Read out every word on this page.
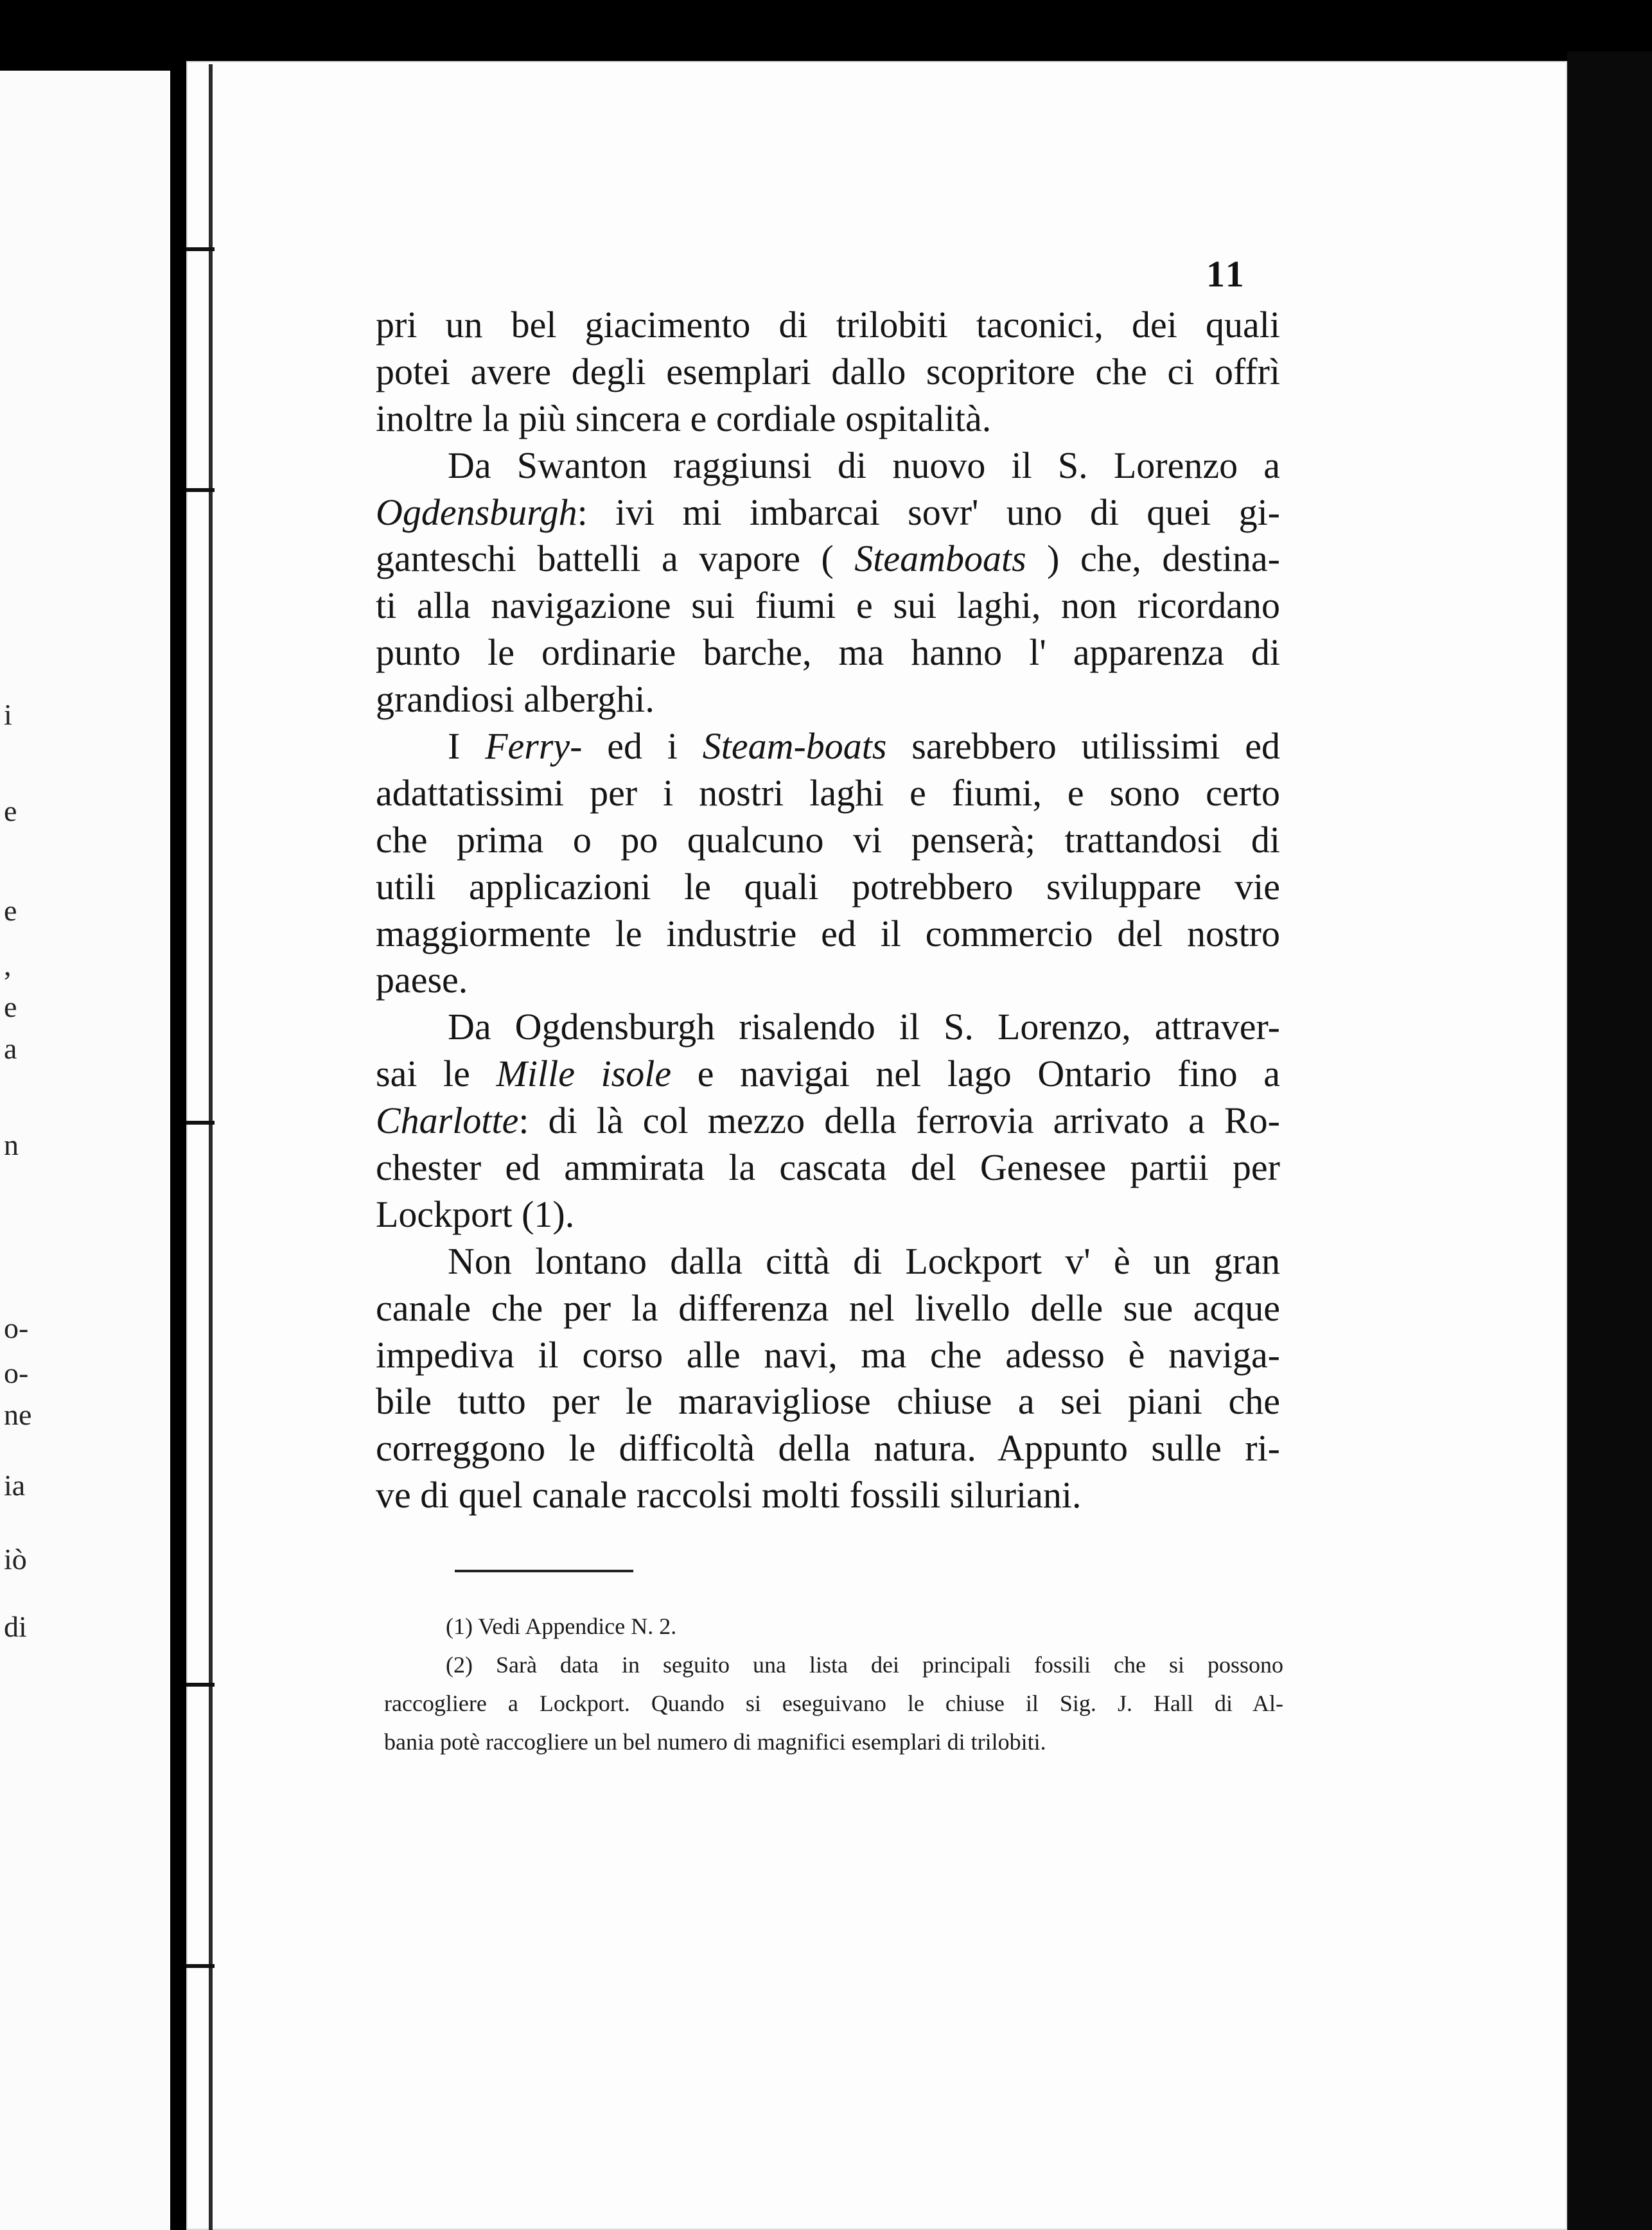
i
e
e
,
e
a
n
o-
o-
ne
ia
iò
di
11
pri un bel giacimento di trilobiti taconici, dei quali
potei avere degli esemplari dallo scopritore che ci offrì
inoltre la più sincera e cordiale ospitalità.
Da Swanton raggiunsi di nuovo il S. Lorenzo a
Ogdensburgh: ivi mi imbarcai sovr' uno di quei gi-
ganteschi battelli a vapore ( Steamboats ) che, destina-
ti alla navigazione sui fiumi e sui laghi, non ricordano
punto le ordinarie barche, ma hanno l' apparenza di
grandiosi alberghi.
I Ferry- ed i Steam-boats sarebbero utilissimi ed
adattatissimi per i nostri laghi e fiumi, e sono certo
che prima o po qualcuno vi penserà; trattandosi di
utili applicazioni le quali potrebbero sviluppare vie
maggiormente le industrie ed il commercio del nostro
paese.
Da Ogdensburgh risalendo il S. Lorenzo, attraver-
sai le Mille isole e navigai nel lago Ontario fino a
Charlotte: di là col mezzo della ferrovia arrivato a Ro-
chester ed ammirata la cascata del Genesee partii per
Lockport (1).
Non lontano dalla città di Lockport v' è un gran
canale che per la differenza nel livello delle sue acque
impediva il corso alle navi, ma che adesso è naviga-
bile tutto per le maravigliose chiuse a sei piani che
correggono le difficoltà della natura. Appunto sulle ri-
ve di quel canale raccolsi molti fossili siluriani.
(1) Vedi Appendice N. 2.
(2) Sarà data in seguito una lista dei principali fossili che si possono
raccogliere a Lockport. Quando si eseguivano le chiuse il Sig. J. Hall di Al-
bania potè raccogliere un bel numero di magnifici esemplari di trilobiti.
